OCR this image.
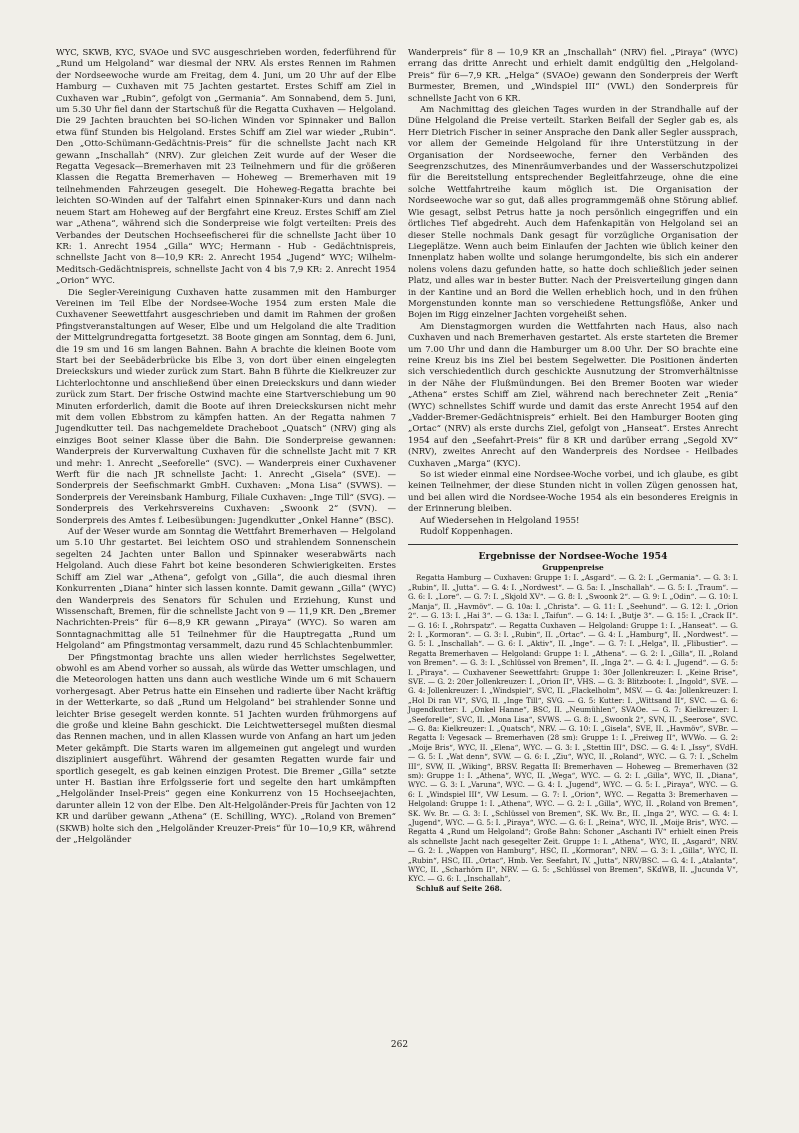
WYC, SKWB, KYC, SVAOe und SVC ausgeschrieben worden, federführend für „Rund um Helgoland“ war diesmal der NRV. Als erstes Rennen im Rahmen der Nordseewoche wurde am Freitag, dem 4. Juni, um 20 Uhr auf der Elbe Hamburg — Cuxhaven mit 75 Jachten gestartet. Erstes Schiff am Ziel in Cuxhaven war „Rubin“, gefolgt von „Germania“. Am Sonnabend, dem 5. Juni, um 5.30 Uhr fiel dann der Startschuß für die Regatta Cuxhaven — Helgoland. Die 29 Jachten brauchten bei SO-lichen Winden vor Spinnaker und Ballon etwa fünf Stunden bis Helgoland. Erstes Schiff am Ziel war wieder „Rubin“. Den „Otto-Schümann-Gedächtnis-Preis“ für die schnellste Jacht nach KR gewann „Inschallah“ (NRV). Zur gleichen Zeit wurde auf der Weser die Regatta Vegesack—Bremerhaven mit 23 Teilnehmern und für die größeren Klassen die Regatta Bremerhaven — Hoheweg — Bremerhaven mit 19 teilnehmenden Fahrzeugen gesegelt. Die Hoheweg-Regatta brachte bei leichten SO-Winden auf der Talfahrt einen Spinnaker-Kurs und dann nach neuem Start am Hoheweg auf der Bergfahrt eine Kreuz. Erstes Schiff am Ziel war „Athena“, während sich die Sonderpreise wie folgt verteilten: Preis des Verbandes der Deutschen Hochseefischerei für die schnellste Jacht über 10 KR: 1. Anrecht 1954 „Gilla“ WYC; Hermann - Hub - Gedächtnispreis, schnellste Jacht von 8—10,9 KR: 2. Anrecht 1954 „Jugend“ WYC; Wilhelm-Meditsch-Gedächtnispreis, schnellste Jacht von 4 bis 7,9 KR: 2. Anrecht 1954 „Orion“ WYC.

Die Segler-Vereinigung Cuxhaven hatte zusammen mit den Hamburger Vereinen im Teil Elbe der Nordsee-Woche 1954 zum ersten Male die Cuxhavener Seewettfahrt ausgeschrieben und damit im Rahmen der großen Pfingstveranstaltungen auf Weser, Elbe und um Helgoland die alte Tradition der Mittelgrundregatta fortgesetzt. 38 Boote gingen am Sonntag, dem 6. Juni, die 19 sm und 16 sm langen Bahnen. Bahn A brachte die kleinen Boote vom Start bei der Seebäderbrücke bis Elbe 3, von dort über einen eingelegten Dreieckskurs und wieder zurück zum Start. Bahn B führte die Kielkreuzer zur Lichterlochtonne und anschließend über einen Dreieckskurs und dann wieder zurück zum Start. Der frische Ostwind machte eine Startverschiebung um 90 Minuten erforderlich, damit die Boote auf ihren Dreieckskursen nicht mehr mit dem vollen Ebbstrom zu kämpfen hatten. An der Regatta nahmen 7 Jugendkutter teil. Das nachgemeldete Dracheboot „Quatsch“ (NRV) ging als einziges Boot seiner Klasse über die Bahn. Die Sonderpreise gewannen: Wanderpreis der Kurverwaltung Cuxhaven für die schnellste Jacht mit 7 KR und mehr: 1. Anrecht „Seeforelle“ (SVC). — Wanderpreis einer Cuxhavener Werft für die nach JR schnellste Jacht: 1. Anrecht „Gisela“ (SVE). — Sonderpreis der Seefischmarkt GmbH. Cuxhaven: „Mona Lisa“ (SVWS). — Sonderpreis der Vereinsbank Hamburg, Filiale Cuxhaven: „Inge Till“ (SVG). — Sonderpreis des Verkehrsvereins Cuxhaven: „Swoonk 2“ (SVN). — Sonderpreis des Amtes f. Leibesübungen: Jugendkutter „Onkel Hanne“ (BSC).

Auf der Weser wurde am Sonntag die Wettfahrt Bremerhaven — Helgoland um 5.10 Uhr gestartet. Bei leichtem OSO und strahlendem Sonnenschein segelten 24 Jachten unter Ballon und Spinnaker weserabwärts nach Helgoland. Auch diese Fahrt bot keine besonderen Schwierigkeiten. Erstes Schiff am Ziel war „Athena“, gefolgt von „Gilla“, die auch diesmal ihren Konkurrenten „Diana“ hinter sich lassen konnte. Damit gewann „Gilla“ (WYC) den Wanderpreis des Senators für Schulen und Erziehung, Kunst und Wissenschaft, Bremen, für die schnellste Jacht von 9 — 11,9 KR. Den „Bremer Nachrichten-Preis“ für 6—8,9 KR gewann „Piraya“ (WYC). So waren am Sonntagnachmittag alle 51 Teilnehmer für die Hauptregatta „Rund um Helgoland“ am Pfingstmontag versammelt, dazu rund 45 Schlachtenbummler.

Der Pfingstmontag brachte uns allen wieder herrlichstes Segelwetter, obwohl es am Abend vorher so aussah, als würde das Wetter umschlagen, und die Meteorologen hatten uns dann auch westliche Winde um 6 mit Schauern vorhergesagt. Aber Petrus hatte ein Einsehen und radierte über Nacht kräftig in der Wetterkarte, so daß „Rund um Helgoland“ bei strahlender Sonne und leichter Brise gesegelt werden konnte. 51 Jachten wurden frühmorgens auf die große und kleine Bahn geschickt. Die Leichtwettersegel mußten diesmal das Rennen machen, und in allen Klassen wurde von Anfang an hart um jeden Meter gekämpft. Die Starts waren im allgemeinen gut angelegt und wurden diszipliniert ausgeführt. Während der gesamten Regatten wurde fair und sportlich gesegelt, es gab keinen einzigen Protest. Die Bremer „Gilla“ setzte unter H. Bastian ihre Erfolgsserie fort und segelte den hart umkämpften „Helgoländer Insel-Preis“ gegen eine Konkurrenz von 15 Hochseejachten, darunter allein 12 von der Elbe. Den Alt-Helgoländer-Preis für Jachten von 12 KR und darüber gewann „Athena“ (E. Schilling, WYC). „Roland von Bremen“ (SKWB) holte sich den „Helgoländer Kreuzer-Preis“ für 10—10,9 KR, während der „Helgoländer

Wanderpreis“ für 8 — 10,9 KR an „Inschallah“ (NRV) fiel. „Piraya“ (WYC) errang das dritte Anrecht und erhielt damit endgültig den „Helgoland-Preis“ für 6—7,9 KR. „Helga“ (SVAOe) gewann den Sonderpreis der Werft Burmester, Bremen, und „Windspiel III“ (VWL) den Sonderpreis für schnellste Jacht von 6 KR.

Am Nachmittag des gleichen Tages wurden in der Strandhalle auf der Düne Helgoland die Preise verteilt. Starken Beifall der Segler gab es, als Herr Dietrich Fischer in seiner Ansprache den Dank aller Segler aussprach, vor allem der Gemeinde Helgoland für ihre Unterstützung in der Organisation der Nordseewoche, ferner den Verbänden des Seegrenzschutzes, des Minenräumverbandes und der Wasserschutzpolizei für die Bereitstellung entsprechender Begleitfahrzeuge, ohne die eine solche Wettfahrtreihe kaum möglich ist. Die Organisation der Nordseewoche war so gut, daß alles programmgemäß ohne Störung ablief. Wie gesagt, selbst Petrus hatte ja noch persönlich eingegriffen und ein örtliches Tief abgedreht. Auch dem Hafenkapitän von Helgoland sei an dieser Stelle nochmals Dank gesagt für vorzügliche Organisation der Liegeplätze. Wenn auch beim Einlaufen der Jachten wie üblich keiner den Innenplatz haben wollte und solange herumgondelte, bis sich ein anderer nolens volens dazu gefunden hatte, so hatte doch schließlich jeder seinen Platz, und alles war in bester Butter. Nach der Preisverteilung gingen dann in der Kantine und an Bord die Wellen erheblich hoch, und in den frühen Morgenstunden konnte man so verschiedene Rettungsflöße, Anker und Bojen im Rigg einzelner Jachten vorgeheißt sehen.

Am Dienstagmorgen wurden die Wettfahrten nach Haus, also nach Cuxhaven und nach Bremerhaven gestartet. Als erste starteten die Bremer um 7.00 Uhr und dann die Hamburger um 8.00 Uhr. Der SO brachte eine reine Kreuz bis ins Ziel bei bestem Segelwetter. Die Positionen änderten sich verschiedentlich durch geschickte Ausnutzung der Stromverhältnisse in der Nähe der Flußmündungen. Bei den Bremer Booten war wieder „Athena“ erstes Schiff am Ziel, während nach berechneter Zeit „Renia“ (WYC) schnellstes Schiff wurde und damit das erste Anrecht 1954 auf den „Vadder-Bremer-Gedächtnispreis“ erhielt. Bei den Hamburger Booten ging „Ortac“ (NRV) als erste durchs Ziel, gefolgt von „Hanseat“. Erstes Anrecht 1954 auf den „Seefahrt-Preis“ für 8 KR und darüber errang „Segold XV“ (NRV), zweites Anrecht auf den Wanderpreis des Nordsee - Heilbades Cuxhaven „Marga“ (KYC).

So ist wieder einmal eine Nordsee-Woche vorbei, und ich glaube, es gibt keinen Teilnehmer, der diese Stunden nicht in vollen Zügen genossen hat, und bei allen wird die Nordsee-Woche 1954 als ein besonderes Ereignis in der Erinnerung bleiben.

Auf Wiedersehen in Helgoland 1955!

Rudolf Koppenhagen.

Ergebnisse der Nordsee-Woche 1954
Gruppenpreise

Regatta Hamburg — Cuxhaven: Gruppe 1: I. „Asgard“. — G. 2: I. „Germania“. — G. 3: I. „Rubin“, II. „Jutta“. — G. 4: I. „Nordwest“. — G. 5a: I. „Inschallah“. — G. 5: I. „Traum“. — G. 6: I. „Lore“. — G. 7: I. „Skjold XV“. — G. 8: I. „Swoonk 2“. — G. 9: I. „Odin“. — G. 10: I. „Manja“, II. „Havmöv“. — G. 10a: I. „Christa“. — G. 11: I. „Seehund“. — G. 12: I. „Orion 2“. — G. 13: I. „Hai 3“. — G. 13a: I. „Taifun“. — G. 14: I. „Butje 3“. — G. 15: I. „Crack II“. — G. 16: I. „Rohrspatz“. — Regatta Cuxhaven — Helgoland: Gruppe 1: I. „Hanseat“. — G. 2: I. „Kormoran“. — G. 3: I. „Rubin“, II. „Ortac“. — G. 4: I. „Hamburg“, II. „Nordwest“. — G. 5: I. „Inschallah“. — G. 6: I. „Aktiv“, II. „Inge“. — G. 7: I. „Helga“, II. „Flibustier“. — Regatta Bremerhaven — Helgoland: Gruppe 1: I. „Athena“. — G. 2: I. „Gilla“, II. „Roland von Bremen“. — G. 3: I. „Schlüssel von Bremen“, II. „Inga 2“. — G. 4: I. „Jugend“. — G. 5: I. „Piraya“. — Cuxhavener Seewettfahrt: Gruppe 1: 30er Jollenkreuzer: I. „Keine Brise“, SVE. — G. 2: 20er Jollenkreuzer: I. „Orion II“, VHS. — G. 3: Blitzboote: I. „Ingold“, SVE. — G. 4: Jollenkreuzer: I. „Windspiel“, SVC, II. „Flackelholm“, MSV. — G. 4a: Jollenkreuzer: I. „Hol Di ran VI“, SVG, II. „Inge Till“, SVG. — G. 5: Kutter: I. „Wittsand II“, SVC. — G. 6: Jugendkutter: I. „Onkel Hanne“, BSC, II. „Neumühlen“, SVAOe. — G. 7: Kielkreuzer: I. „Seeforelle“, SVC, II. „Mona Lisa“, SVWS. — G. 8: I. „Swoonk 2“, SVN, II. „Seerose“, SVC. — G. 8a: Kielkreuzer: I. „Quatsch“, NRV. — G. 10: I. „Gisela“, SVE, II. „Havmöv“, SVBr. — Regatta I: Vegesack — Bremerhaven (28 sm): Gruppe 1: I. „Freiweg II“, WVWo. — G. 2: „Moije Bris“, WYC, II. „Elena“, WYC. — G. 3: I. „Stettin III“, DSC. — G. 4: I. „Issy“, SVdH. — G. 5: I. „Wat denn“, SVW. — G. 6: I. „Ziu“, WYC, II. „Roland“, WYC. — G. 7: I. „Schelm III“, SVW, II. „Wiking“, BRSV. Regatta II: Bremerhaven — Hoheweg — Bremerhaven (32 sm): Gruppe 1: I. „Athena“, WYC, II. „Wega“, WYC. — G. 2: I. „Gilla“, WYC, II. „Diana“, WYC. — G. 3: I. „Varuna“, WYC. — G. 4: I. „Jugend“, WYC. — G. 5: I. „Piraya“, WYC. — G. 6: I. „Windspiel III“, VW Lesum. — G. 7: I. „Orion“, WYC. — Regatta 3: Bremerhaven — Helgoland: Gruppe 1: I. „Athena“, WYC. — G. 2: I. „Gilla“, WYC, II. „Roland von Bremen“, SK. Wv. Br. — G. 3: I. „Schlüssel von Bremen“, SK. Wv. Br., II. „Inga 2“, WYC. — G. 4: I. „Jugend“, WYC. — G. 5: I. „Piraya“, WYC. — G. 6: I. „Reina“, WYC, II. „Moije Bris“, WYC. — Regatta 4 „Rund um Helgoland“; Große Bahn: Schoner „Aschanti IV“ erhielt einen Preis als schnellste Jacht nach gesegelter Zeit. Gruppe 1: I. „Athena“, WYC, II. „Asgard“, NRV. — G. 2: I. „Wappen von Hamburg“, HSC, II. „Kormoran“, NRV. — G. 3: I. „Gilla“, WYC, II. „Rubin“, HSC, III. „Ortac“, Hmb. Ver. Seefahrt, IV. „Jutta“, NRV/BSC. — G. 4: I. „Atalanta“, WYC, II. „Scharhörn II“, NRV. — G. 5: „Schlüssel von Bremen“, SKdWB, II. „Jucunda V“, KYC. — G. 6: I. „Inschallah“,

Schluß auf Seite 268.

262
